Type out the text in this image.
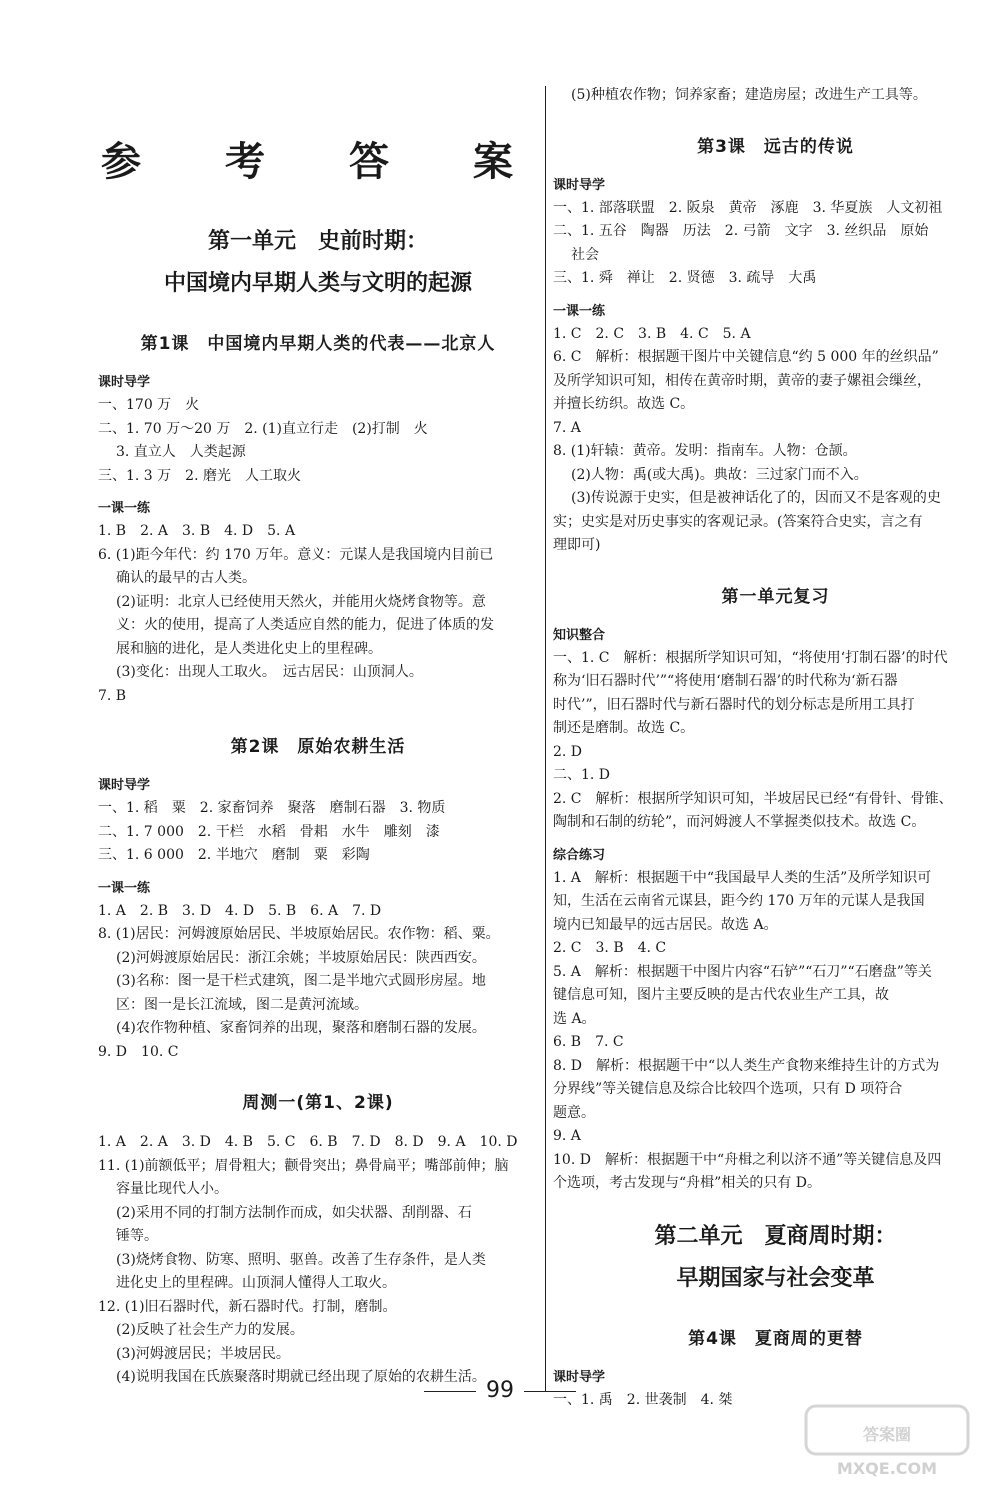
参　考　答　案
第一单元　史前时期：
中国境内早期人类与文明的起源
第1课　中国境内早期人类的代表——北京人
课时导学
一、170 万　火
二、1. 70 万～20 万　2. (1)直立行走　(2)打制　火
3. 直立人　人类起源
三、1. 3 万　2. 磨光　人工取火
一课一练
1. B　2. A　3. B　4. D　5. A
6. (1)距今年代：约 170 万年。意义：元谋人是我国境内目前已
确认的最早的古人类。
(2)证明：北京人已经使用天然火，并能用火烧烤食物等。意
义：火的使用，提高了人类适应自然的能力，促进了体质的发
展和脑的进化，是人类进化史上的里程碑。
(3)变化：出现人工取火。　远古居民：山顶洞人。
7. B
第2课　原始农耕生活
课时导学
一、1. 稻　粟　2. 家畜饲养　聚落　磨制石器　3. 物质
二、1. 7 000　2. 干栏　水稻　骨耜　水牛　雕刻　漆
三、1. 6 000　2. 半地穴　磨制　粟　彩陶
一课一练
1. A　2. B　3. D　4. D　5. B　6. A　7. D
8. (1)居民：河姆渡原始居民、半坡原始居民。农作物：稻、粟。
(2)河姆渡原始居民：浙江余姚；半坡原始居民：陕西西安。
(3)名称：图一是干栏式建筑，图二是半地穴式圆形房屋。地
区：图一是长江流域，图二是黄河流域。
(4)农作物种植、家畜饲养的出现，聚落和磨制石器的发展。
9. D　10. C
周测一(第1、2课)
1. A　2. A　3. D　4. B　5. C　6. B　7. D　8. D　9. A　10. D
11. (1)前额低平；眉骨粗大；颧骨突出；鼻骨扁平；嘴部前伸；脑
容量比现代人小。
(2)采用不同的打制方法制作而成，如尖状器、刮削器、石
锤等。
(3)烧烤食物、防寒、照明、驱兽。改善了生存条件，是人类
进化史上的里程碑。山顶洞人懂得人工取火。
12. (1)旧石器时代，新石器时代。打制，磨制。
(2)反映了社会生产力的发展。
(3)河姆渡居民；半坡居民。
(4)说明我国在氏族聚落时期就已经出现了原始的农耕生活。
(5)种植农作物；饲养家畜；建造房屋；改进生产工具等。
第3课　远古的传说
课时导学
一、1. 部落联盟　2. 阪泉　黄帝　涿鹿　3. 华夏族　人文初祖
二、1. 五谷　陶器　历法　2. 弓箭　文字　3. 丝织品　原始
社会
三、1. 舜　禅让　2. 贤德　3. 疏导　大禹
一课一练
1. C　2. C　3. B　4. C　5. A
6. C　解析：根据题干图片中关键信息“约 5 000 年的丝织品”
及所学知识可知，相传在黄帝时期，黄帝的妻子嫘祖会缫丝，
并擅长纺织。故选 C。
7. A
8. (1)轩辕：黄帝。发明：指南车。人物：仓颉。
(2)人物：禹(或大禹)。典故：三过家门而不入。
(3)传说源于史实，但是被神话化了的，因而又不是客观的史
实；史实是对历史事实的客观记录。(答案符合史实，言之有
理即可)
第一单元复习
知识整合
一、1. C　解析：根据所学知识可知，“将使用‘打制石器’的时代
称为‘旧石器时代’”“将使用‘磨制石器’的时代称为‘新石器
时代’”，旧石器时代与新石器时代的划分标志是所用工具打
制还是磨制。故选 C。
2. D
二、1. D
2. C　解析：根据所学知识可知，半坡居民已经“有骨针、骨锥、
陶制和石制的纺轮”，而河姆渡人不掌握类似技术。故选 C。
综合练习
1. A　解析：根据题干中“我国最早人类的生活”及所学知识可
知，生活在云南省元谋县，距今约 170 万年的元谋人是我国
境内已知最早的远古居民。故选 A。
2. C　3. B　4. C
5. A　解析：根据题干中图片内容“石铲”“石刀”“石磨盘”等关
键信息可知，图片主要反映的是古代农业生产工具，故
选 A。
6. B　7. C
8. D　解析：根据题干中“以人类生产食物来维持生计的方式为
分界线”等关键信息及综合比较四个选项，只有 D 项符合
题意。
9. A
10. D　解析：根据题干中“舟楫之利以济不通”等关键信息及四
个选项，考古发现与“舟楫”相关的只有 D。
第二单元　夏商周时期：
早期国家与社会变革
第4课　夏商周的更替
课时导学
一、1. 禹　2. 世袭制　4. 桀
99
答案圈
MXQE.COM
